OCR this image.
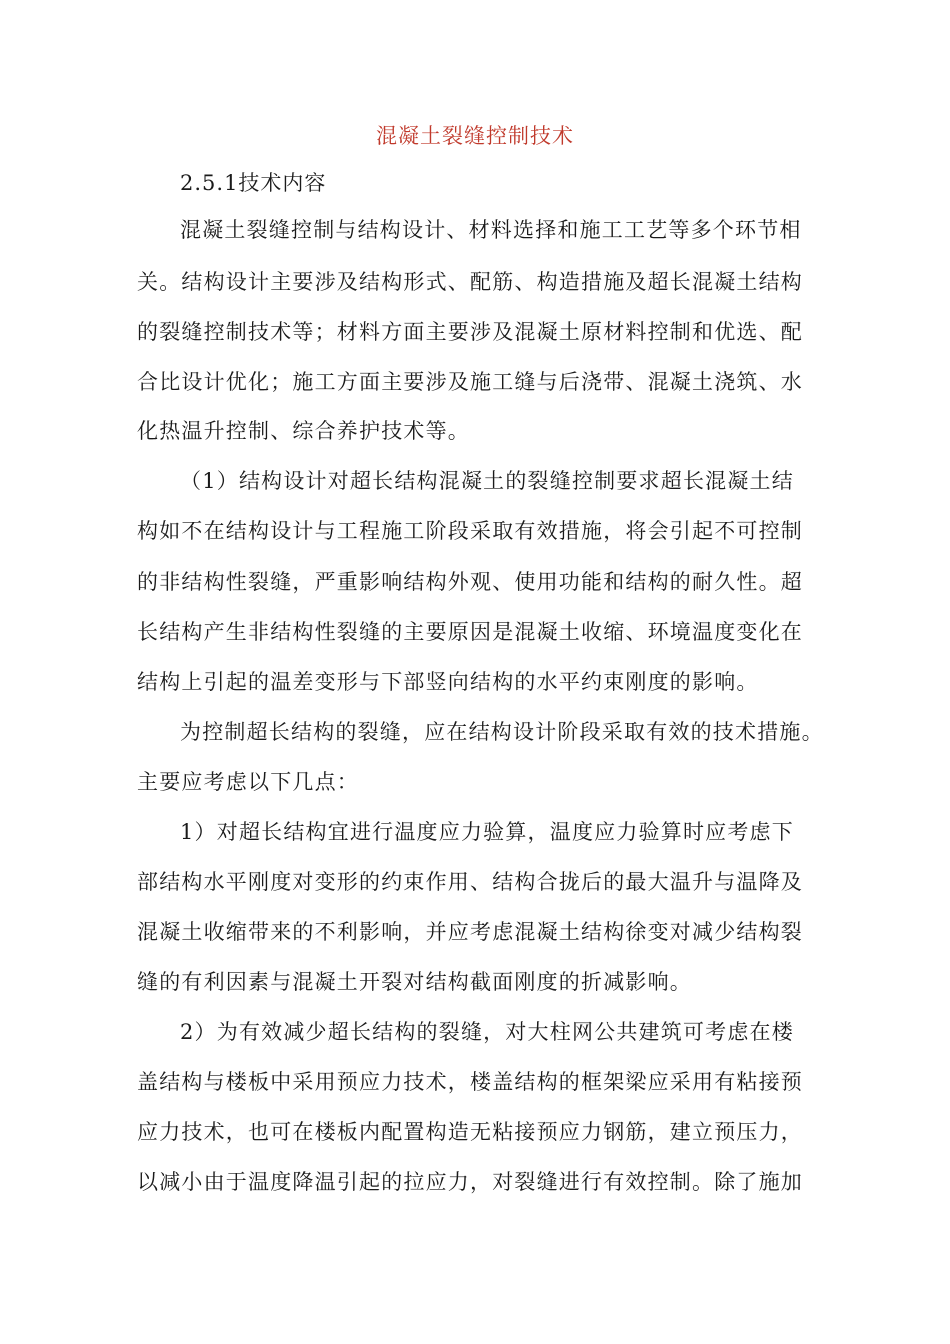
混凝土裂缝控制技术
2.5.1技术内容
混凝土裂缝控制与结构设计、材料选择和施工工艺等多个环节相
关。结构设计主要涉及结构形式、配筋、构造措施及超长混凝土结构
的裂缝控制技术等；材料方面主要涉及混凝土原材料控制和优选、配
合比设计优化；施工方面主要涉及施工缝与后浇带、混凝土浇筑、水
化热温升控制、综合养护技术等。
（1）结构设计对超长结构混凝土的裂缝控制要求超长混凝土结
构如不在结构设计与工程施工阶段采取有效措施，将会引起不可控制
的非结构性裂缝，严重影响结构外观、使用功能和结构的耐久性。超
长结构产生非结构性裂缝的主要原因是混凝土收缩、环境温度变化在
结构上引起的温差变形与下部竖向结构的水平约束刚度的影响。
为控制超长结构的裂缝，应在结构设计阶段采取有效的技术措施。
主要应考虑以下几点：
1）对超长结构宜进行温度应力验算，温度应力验算时应考虑下
部结构水平刚度对变形的约束作用、结构合拢后的最大温升与温降及
混凝土收缩带来的不利影响，并应考虑混凝土结构徐变对减少结构裂
缝的有利因素与混凝土开裂对结构截面刚度的折减影响。
2）为有效减少超长结构的裂缝，对大柱网公共建筑可考虑在楼
盖结构与楼板中采用预应力技术，楼盖结构的框架梁应采用有粘接预
应力技术，也可在楼板内配置构造无粘接预应力钢筋，建立预压力，
以减小由于温度降温引起的拉应力，对裂缝进行有效控制。除了施加
